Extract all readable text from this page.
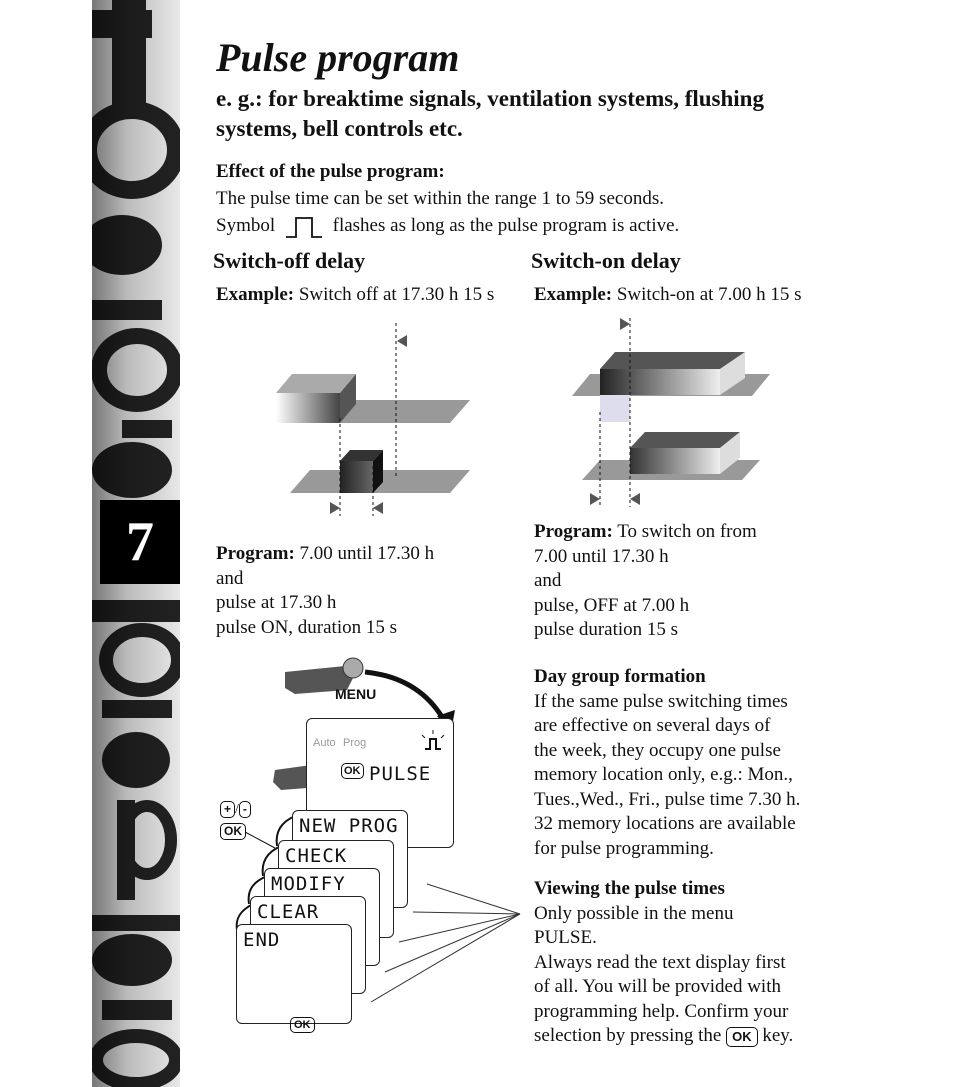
7
Pulse program
e. g.: for breaktime signals, ventilation systems, flushing systems, bell controls etc.
Effect of the pulse program:
The pulse time can be set within the range 1 to 59 seconds.
Symbol	flashes as long as the pulse program is active.
Switch-off delay
Example: Switch off at 17.30 h 15 s
Program: 7.00 until 17.30 h
and
pulse at 17.30 h
pulse ON, duration 15 s
Switch-on delay
Example: Switch-on at 7.00 h 15 s
Program: To switch on from
7.00 until 17.30 h
and
pulse, OFF at 7.00 h
pulse duration 15 s
Day group formation
If the same pulse switching times
are effective on several days of
the week, they occupy one pulse
memory location only, e.g.: Mon.,
Tues.,Wed., Fri., pulse time 7.30 h.
32 memory locations are available
for pulse programming.
Viewing the pulse times
Only possible in the menu
PULSE.
Always read the text display first
of all. You will be provided with
programming help. Confirm your
selection by pressing the OK key.
MENU
Auto Prog
OK PULSE
+ / -
OK	NEW PROG
CHECK
MODIFY
CLEAR
END
OK
